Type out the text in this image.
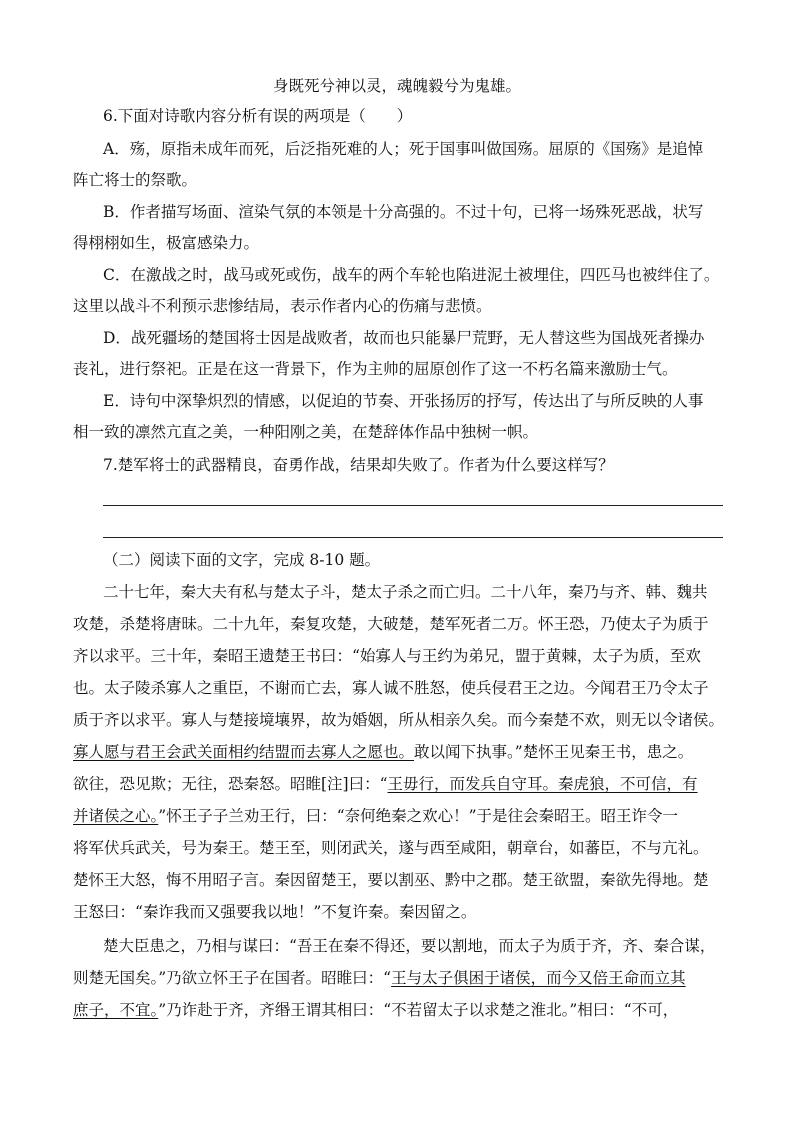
身既死兮神以灵，魂魄毅兮为鬼雄。
6.下面对诗歌内容分析有误的两项是（　　）
A．殇，原指未成年而死，后泛指死难的人；死于国事叫做国殇。屈原的《国殇》是追悼
阵亡将士的祭歌。
B．作者描写场面、渲染气氛的本领是十分高强的。不过十句，已将一场殊死恶战，状写
得栩栩如生，极富感染力。
C．在激战之时，战马或死或伤，战车的两个车轮也陷进泥土被埋住，四匹马也被绊住了。
这里以战斗不利预示悲惨结局，表示作者内心的伤痛与悲愤。
D．战死疆场的楚国将士因是战败者，故而也只能暴尸荒野，无人替这些为国战死者操办
丧礼，进行祭祀。正是在这一背景下，作为主帅的屈原创作了这一不朽名篇来激励士气。
E．诗句中深挚炽烈的情感，以促迫的节奏、开张扬厉的抒写，传达出了与所反映的人事
相一致的凛然亢直之美，一种阳刚之美，在楚辞体作品中独树一帜。
7.楚军将士的武器精良，奋勇作战，结果却失败了。作者为什么要这样写？
（二）阅读下面的文字，完成 8-10 题。
二十七年，秦大夫有私与楚太子斗，楚太子杀之而亡归。二十八年，秦乃与齐、韩、魏共
攻楚，杀楚将唐昧。二十九年，秦复攻楚，大破楚，楚军死者二万。怀王恐，乃使太子为质于
齐以求平。三十年，秦昭王遗楚王书曰：“始寡人与王约为弟兄，盟于黄棘，太子为质，至欢
也。太子陵杀寡人之重臣，不谢而亡去，寡人诚不胜怒，使兵侵君王之边。今闻君王乃令太子
质于齐以求平。寡人与楚接境壤界，故为婚姻，所从相亲久矣。而今秦楚不欢，则无以令诸侯。
寡人愿与君王会武关面相约结盟而去寡人之愿也。敢以闻下执事。”楚怀王见秦王书，患之。
欲往，恐见欺；无往，恐秦怒。昭睢[注]曰：“王毋行，而发兵自守耳。秦虎狼，不可信，有
并诸侯之心。”怀王子子兰劝王行，曰：“奈何绝秦之欢心！”于是往会秦昭王。昭王诈令一
将军伏兵武关，号为秦王。楚王至，则闭武关，遂与西至咸阳，朝章台，如蕃臣，不与亢礼。
楚怀王大怒，悔不用昭子言。秦因留楚王，要以割巫、黔中之郡。楚王欲盟，秦欲先得地。楚
王怒曰：“秦诈我而又强要我以地！”不复许秦。秦因留之。
楚大臣患之，乃相与谋曰：“吾王在秦不得还，要以割地，而太子为质于齐，齐、秦合谋，
则楚无国矣。”乃欲立怀王子在国者。昭睢曰：“王与太子俱困于诸侯，而今又倍王命而立其
庶子，不宜。”乃诈赴于齐，齐缗王谓其相曰：“不若留太子以求楚之淮北。”相曰：“不可，
